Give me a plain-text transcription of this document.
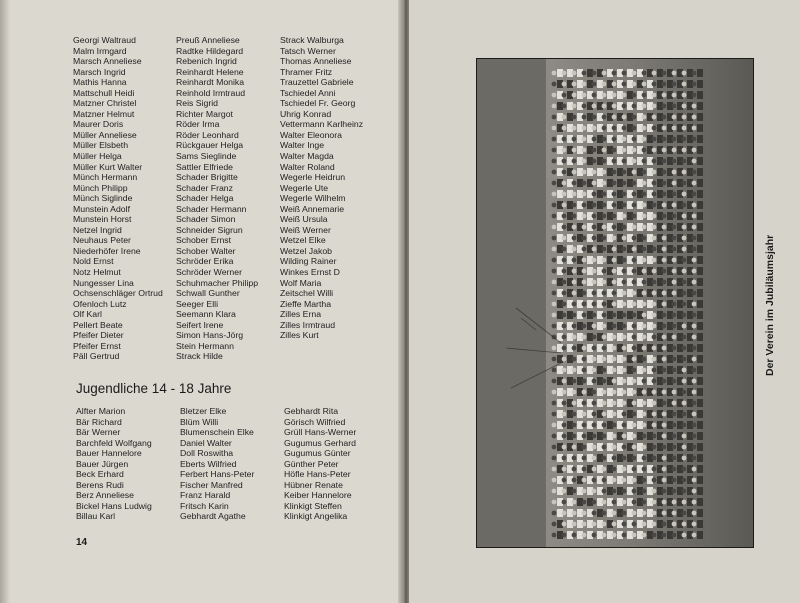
Georgi Waltraud
Malm Irmgard
Marsch Anneliese
Marsch Ingrid
Mathis Hanna
Mattschull Heidi
Matzner Christel
Matzner Helmut
Maurer Doris
Müller Anneliese
Müller Elsbeth
Müller Helga
Müller Kurt Walter
Münch Hermann
Münch Philipp
Münch Siglinde
Munstein Adolf
Munstein Horst
Netzel Ingrid
Neuhaus Peter
Niederhöfer Irene
Nold Ernst
Notz Helmut
Nungesser Lina
Ochsenschläger Ortrud
Ofenloch Lutz
Olf Karl
Pellert Beate
Pfeifer Dieter
Pfeifer Ernst
Päll Gertrud
Preuß Anneliese
Radtke Hildegard
Rebenich Ingrid
Reinhardt Helene
Reinhardt Monika
Reinhold Irmtraud
Reis Sigrid
Richter Margot
Röder Irma
Röder Leonhard
Rückgauer Helga
Sams Sieglinde
Sattler Elfriede
Schader Brigitte
Schader Franz
Schader Helga
Schader Hermann
Schader Simon
Schneider Sigrun
Schober Ernst
Schober Walter
Schröder Erika
Schröder Werner
Schuhmacher Philipp
Schwall Gunther
Seeger Elli
Seemann Klara
Seifert Irene
Simon Hans-Jörg
Stein Hermann
Strack Hilde
Strack Walburga
Tatsch Werner
Thomas Anneliese
Thramer Fritz
Trauzettel Gabriele
Tschiedel Anni
Tschiedel Fr. Georg
Uhrig Konrad
Vettermann Karlheinz
Walter Eleonora
Walter Inge
Walter Magda
Walter Roland
Wegerle Heidrun
Wegerle Ute
Wegerle Wilhelm
Weiß Annemarie
Weiß Ursula
Weiß Werner
Wetzel Elke
Wetzel Jakob
Wilding Rainer
Winkes Ernst D
Wolf Maria
Zeitschel Willi
Zieffe Martha
Zilles Erna
Zilles Irmtraud
Zilles Kurt
Jugendliche 14 - 18 Jahre
Alfter Marion
Bär Richard
Bär Werner
Barchfeld Wolfgang
Bauer Hannelore
Bauer Jürgen
Beck Erhard
Berens Rudi
Berz Anneliese
Bickel Hans Ludwig
Billau Karl
Bletzer Elke
Blüm Willi
Blumenschein Elke
Daniel Walter
Doll Roswitha
Eberts Wilfried
Ferbert Hans-Peter
Fischer Manfred
Franz Harald
Fritsch Karin
Gebhardt Agathe
Gebhardt Rita
Görisch Wilfried
Grüll Hans-Werner
Gugumus Gerhard
Gugumus Günter
Günther Peter
Höfle Hans-Peter
Hübner Renate
Keiber Hannelore
Klinkigt Steffen
Klinkigt Angelika
14
Der Verein im Jubiläumsjahr
